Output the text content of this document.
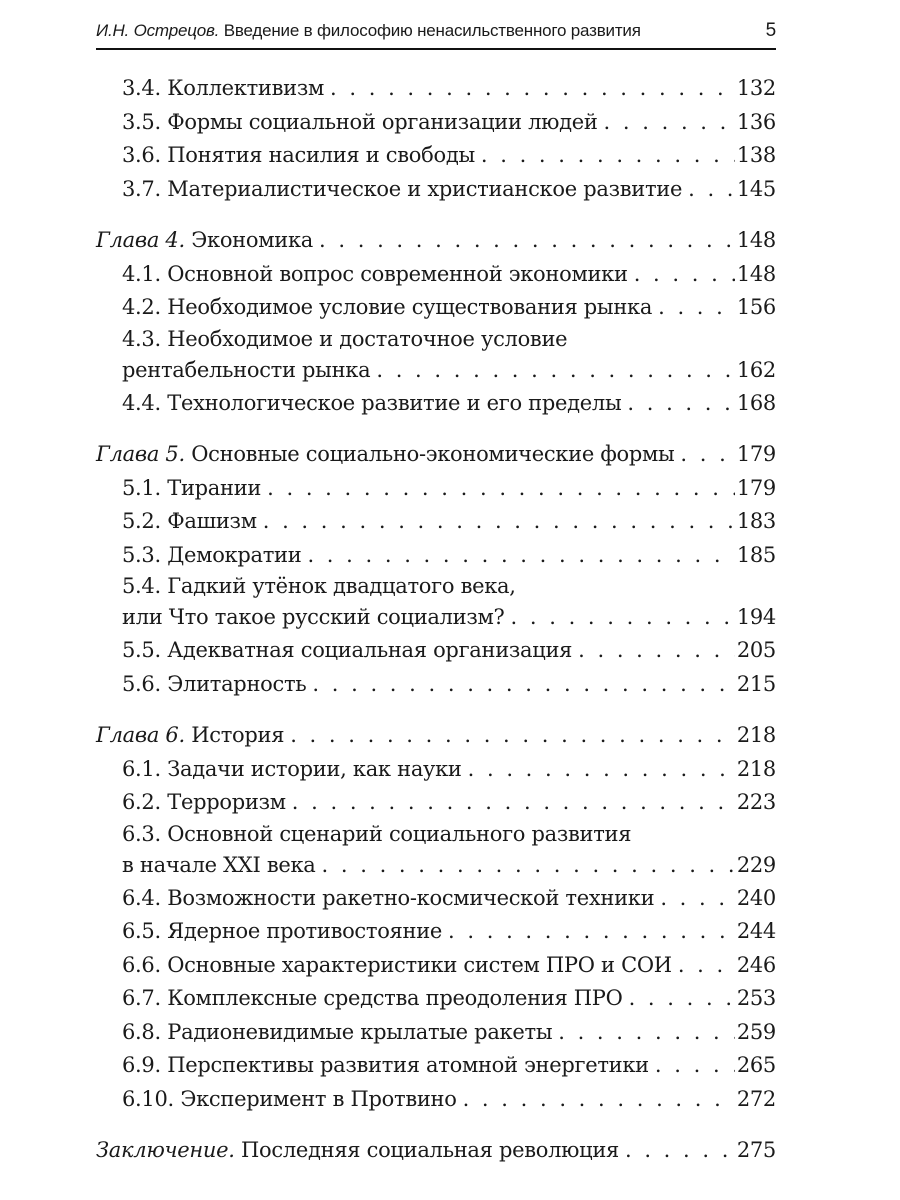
И.Н. Острецов. Введение в философию ненасильственного развития	5
3.4. Коллективизм . . .	132
3.5. Формы социальной организации людей . . .	136
3.6. Понятия насилия и свободы . . .	138
3.7. Материалистическое и христианское развитие . . .	145
Глава 4. Экономика . . .	148
4.1. Основной вопрос современной экономики . . .	148
4.2. Необходимое условие существования рынка . . .	156
4.3. Необходимое и достаточное условие
рентабельности рынка . . .	162
4.4. Технологическое развитие и его пределы . . .	168
Глава 5. Основные социально-экономические формы . . .	179
5.1. Тирании . . .	179
5.2. Фашизм . . .	183
5.3. Демократии . . .	185
5.4. Гадкий утёнок двадцатого века,
или Что такое русский социализм? . . .	194
5.5. Адекватная социальная организация . . .	205
5.6. Элитарность . . .	215
Глава 6. История . . .	218
6.1. Задачи истории, как науки . . .	218
6.2. Терроризм . . .	223
6.3. Основной сценарий социального развития
в начале XXI века . . .	229
6.4. Возможности ракетно-космической техники . . .	240
6.5. Ядерное противостояние . . .	244
6.6. Основные характеристики систем ПРО и СОИ . . .	246
6.7. Комплексные средства преодоления ПРО . . .	253
6.8. Радионевидимые крылатые ракеты . . .	259
6.9. Перспективы развития атомной энергетики . . .	265
6.10. Эксперимент в Протвино . . .	272
Заключение. Последняя социальная революция . . .	275
